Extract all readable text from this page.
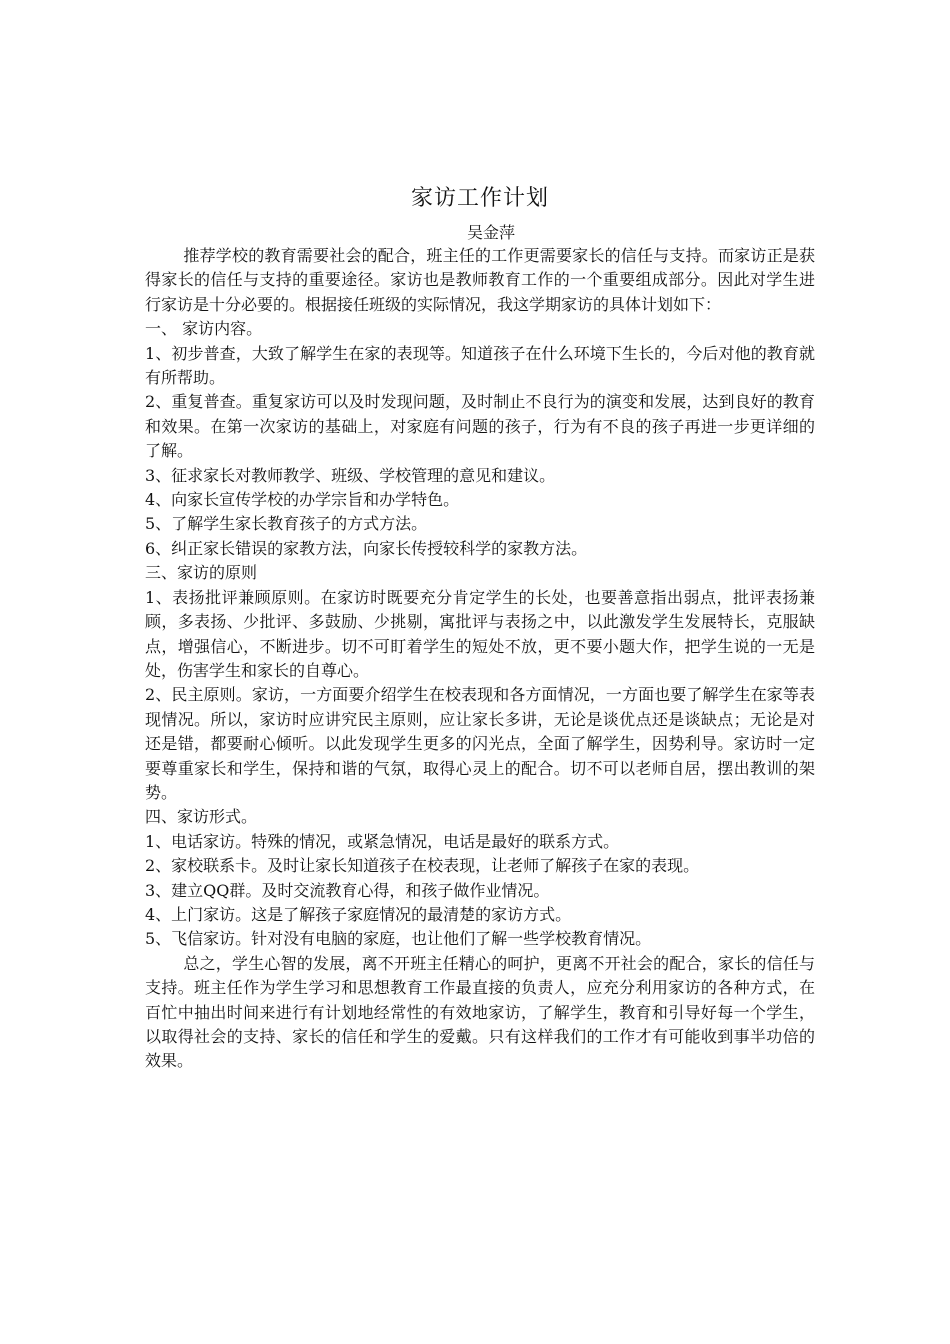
家访工作计划
吴金萍

推荐学校的教育需要社会的配合，班主任的工作更需要家长的信任与支持。而家访正是获得家长的信任与支持的重要途径。家访也是教师教育工作的一个重要组成部分。因此对学生进行家访是十分必要的。根据接任班级的实际情况，我这学期家访的具体计划如下：

一、 家访内容。

1、初步普查，大致了解学生在家的表现等。知道孩子在什么环境下生长的，今后对他的教育就有所帮助。

2、重复普查。重复家访可以及时发现问题，及时制止不良行为的演变和发展，达到良好的教育和效果。在第一次家访的基础上，对家庭有问题的孩子，行为有不良的孩子再进一步更详细的了解。

3、征求家长对教师教学、班级、学校管理的意见和建议。

4、向家长宣传学校的办学宗旨和办学特色。

5、了解学生家长教育孩子的方式方法。

6、纠正家长错误的家教方法，向家长传授较科学的家教方法。

三、家访的原则

1、表扬批评兼顾原则。在家访时既要充分肯定学生的长处，也要善意指出弱点，批评表扬兼顾，多表扬、少批评、多鼓励、少挑剔，寓批评与表扬之中，以此激发学生发展特长，克服缺点，增强信心，不断进步。切不可盯着学生的短处不放，更不要小题大作，把学生说的一无是处，伤害学生和家长的自尊心。

2、民主原则。家访，一方面要介绍学生在校表现和各方面情况，一方面也要了解学生在家等表现情况。所以，家访时应讲究民主原则，应让家长多讲，无论是谈优点还是谈缺点；无论是对还是错，都要耐心倾听。以此发现学生更多的闪光点，全面了解学生，因势利导。家访时一定要尊重家长和学生，保持和谐的气氛，取得心灵上的配合。切不可以老师自居，摆出教训的架势。

四、家访形式。

1、电话家访。特殊的情况，或紧急情况，电话是最好的联系方式。

2、家校联系卡。及时让家长知道孩子在校表现，让老师了解孩子在家的表现。

3、建立QQ群。及时交流教育心得，和孩子做作业情况。

4、上门家访。这是了解孩子家庭情况的最清楚的家访方式。

5、飞信家访。针对没有电脑的家庭，也让他们了解一些学校教育情况。

总之，学生心智的发展，离不开班主任精心的呵护，更离不开社会的配合，家长的信任与支持。班主任作为学生学习和思想教育工作最直接的负责人，应充分利用家访的各种方式，在百忙中抽出时间来进行有计划地经常性的有效地家访，了解学生，教育和引导好每一个学生，以取得社会的支持、家长的信任和学生的爱戴。只有这样我们的工作才有可能收到事半功倍的效果。
